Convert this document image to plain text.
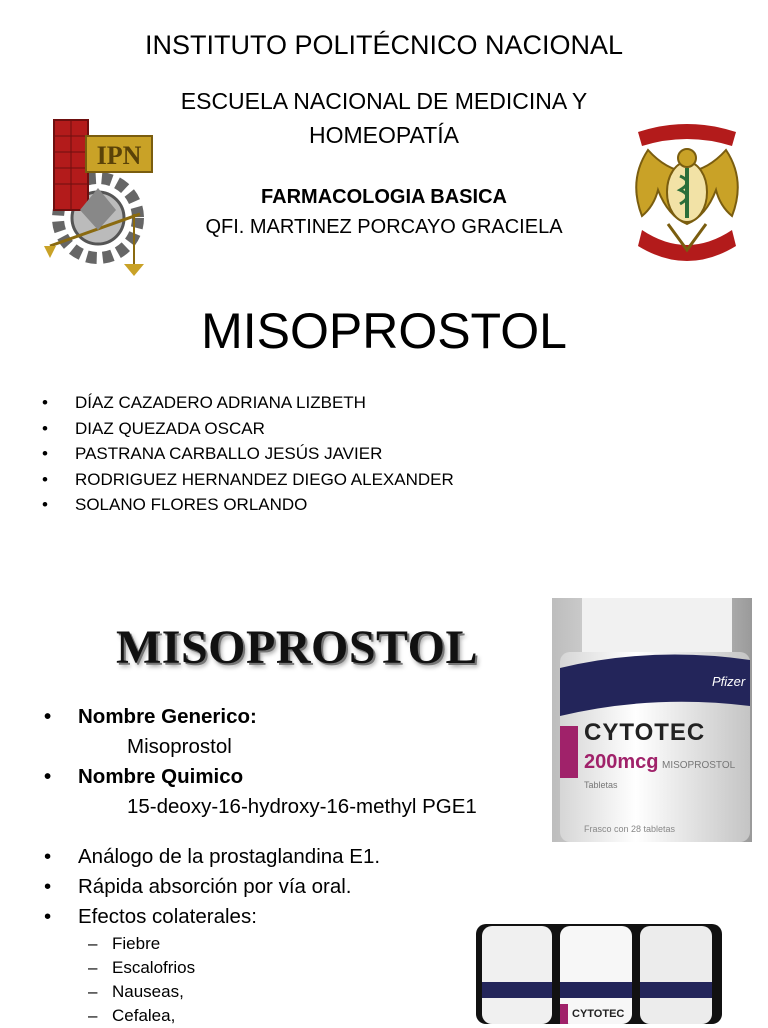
INSTITUTO POLITÉCNICO NACIONAL
ESCUELA NACIONAL DE MEDICINA Y
HOMEOPATÍA
FARMACOLOGIA BASICA
QFI. MARTINEZ PORCAYO GRACIELA
IPN
MISOPROSTOL
• DÍAZ CAZADERO ADRIANA LIZBETH
• DIAZ QUEZADA OSCAR
• PASTRANA CARBALLO JESÚS JAVIER
• RODRIGUEZ HERNANDEZ DIEGO ALEXANDER
• SOLANO FLORES ORLANDO
MISOPROSTOL
• Nombre Generico:
Misoprostol
• Nombre Quimico
15-deoxy-16-hydroxy-16-methyl PGE1
• Análogo de la prostaglandina E1.
• Rápida absorción por vía oral.
• Efectos colaterales:
– Fiebre
– Escalofrios
– Nauseas,
– Cefalea,
Pfizer
CYTOTEC
200mcg MISOPROSTOL
Tabletas
Frasco con 28 tabletas
CYTOTEC
